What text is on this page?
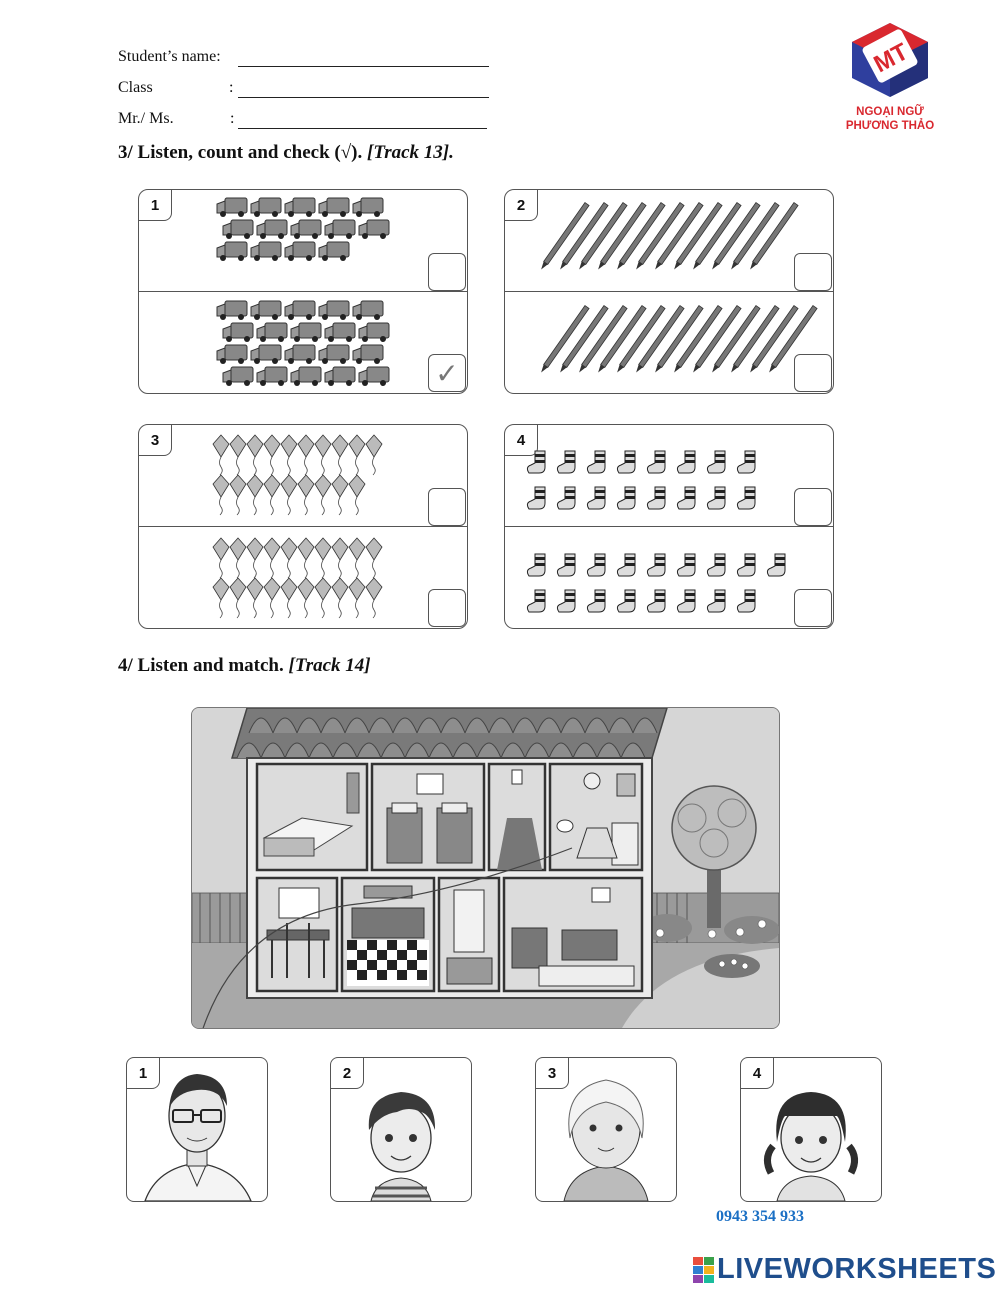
Student’s name:
Class	:
Mr./ Ms.	:
MT
NGOẠI NGỮ
PHƯƠNG THẢO
3/ Listen, count and check (√). [Track 13].
1
✓
2
3	4
4/ Listen and match. [Track 14]
1	2	3	4
0943 354 933
LIVEWORKSHEETS
